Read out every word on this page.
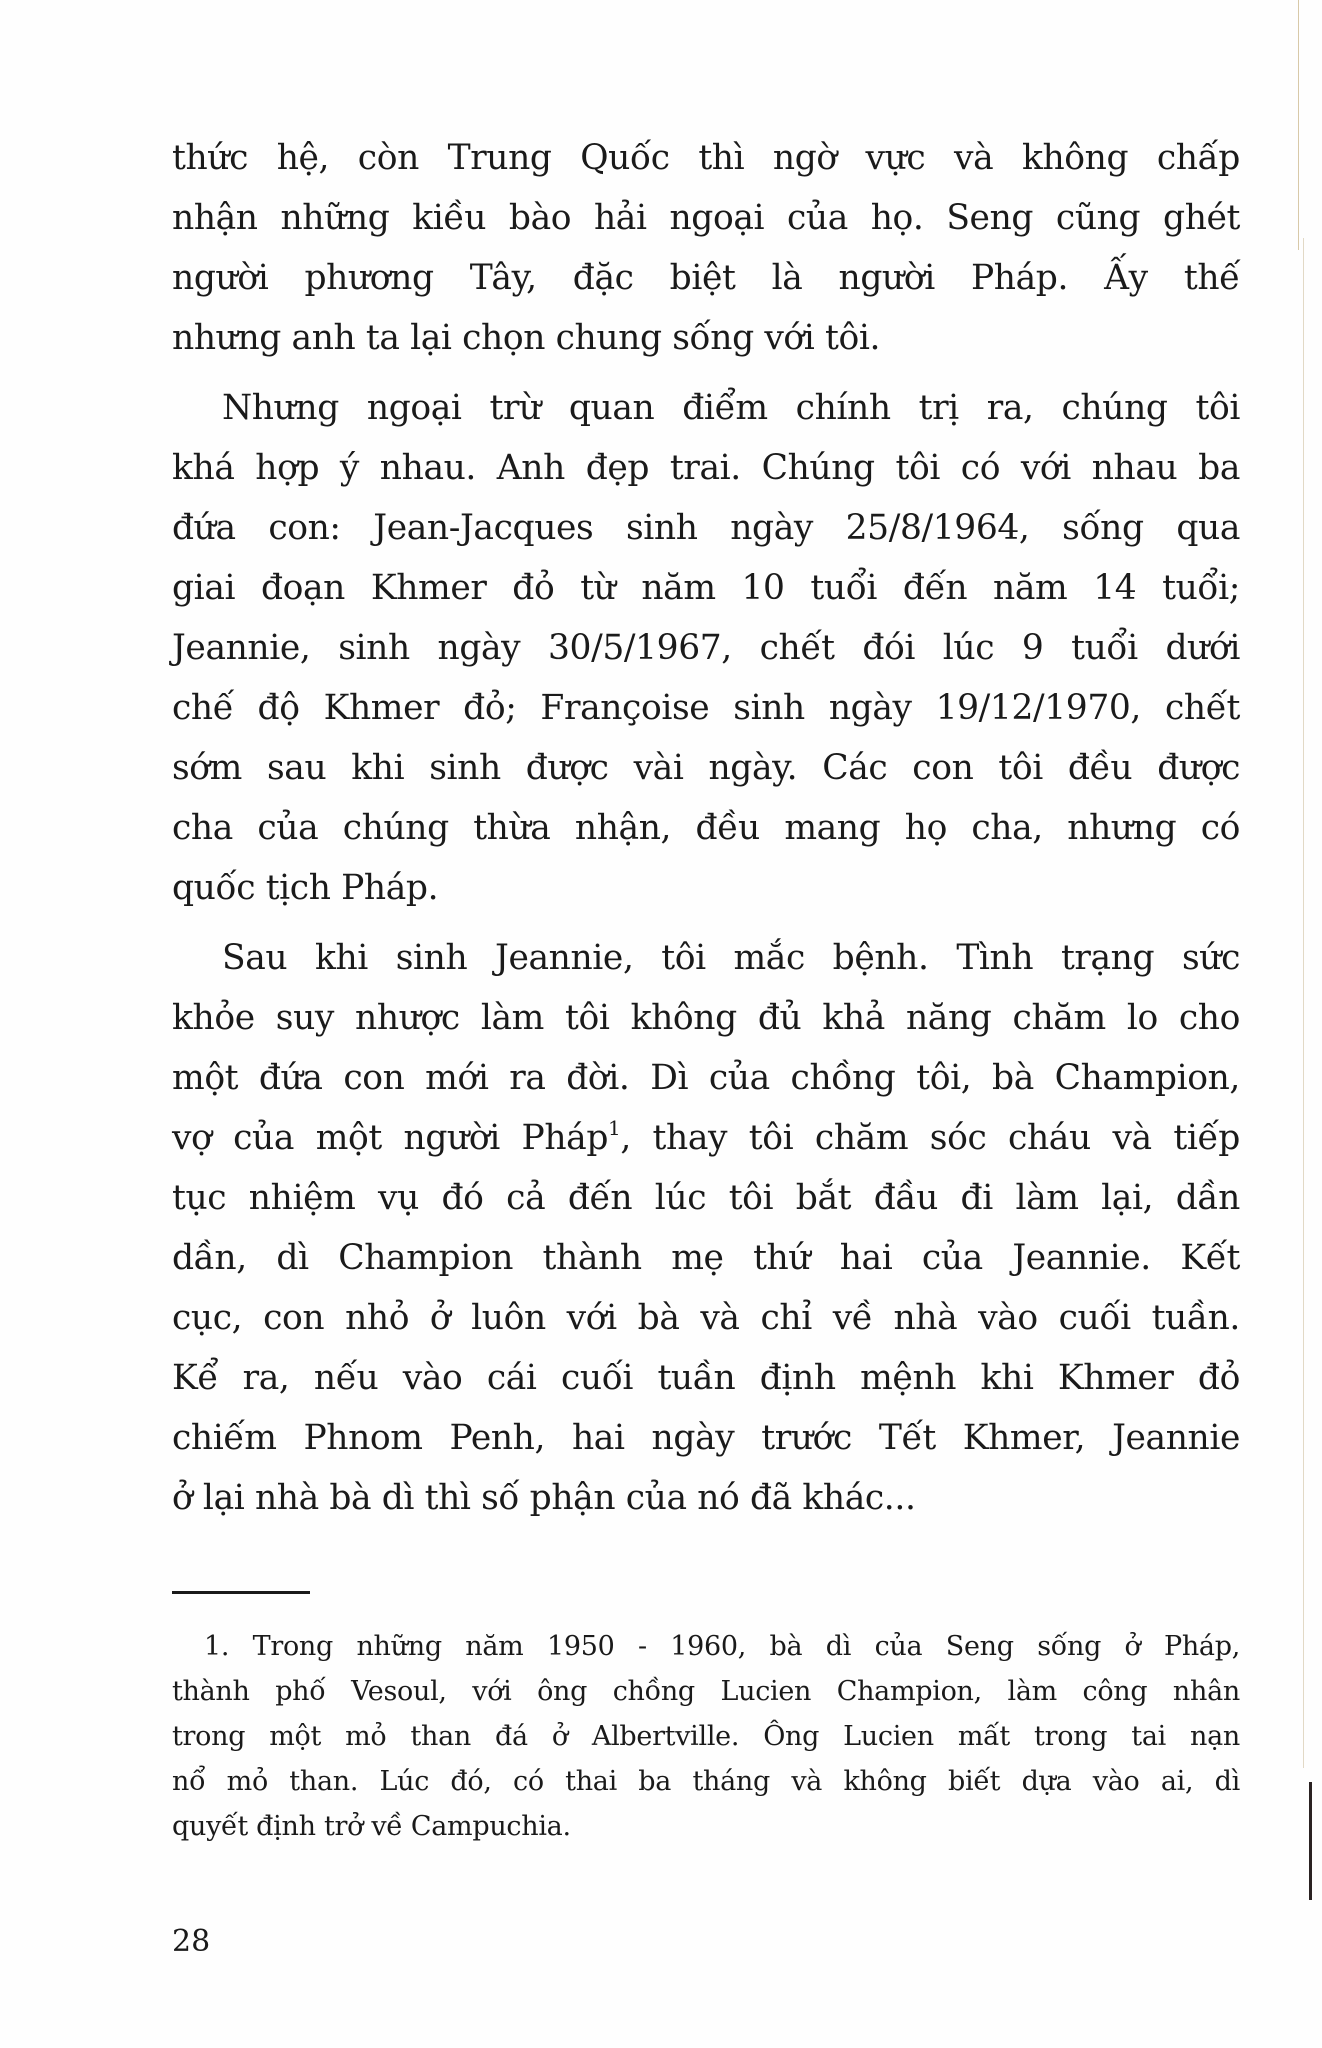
thức hệ, còn Trung Quốc thì ngờ vực và không chấp
nhận những kiều bào hải ngoại của họ. Seng cũng ghét
người phương Tây, đặc biệt là người Pháp. Ấy thế
nhưng anh ta lại chọn chung sống với tôi.
Nhưng ngoại trừ quan điểm chính trị ra, chúng tôi
khá hợp ý nhau. Anh đẹp trai. Chúng tôi có với nhau ba
đứa con: Jean-Jacques sinh ngày 25/8/1964, sống qua
giai đoạn Khmer đỏ từ năm 10 tuổi đến năm 14 tuổi;
Jeannie, sinh ngày 30/5/1967, chết đói lúc 9 tuổi dưới
chế độ Khmer đỏ; Françoise sinh ngày 19/12/1970, chết
sớm sau khi sinh được vài ngày. Các con tôi đều được
cha của chúng thừa nhận, đều mang họ cha, nhưng có
quốc tịch Pháp.
Sau khi sinh Jeannie, tôi mắc bệnh. Tình trạng sức
khỏe suy nhược làm tôi không đủ khả năng chăm lo cho
một đứa con mới ra đời. Dì của chồng tôi, bà Champion,
vợ của một người Pháp$^1$, thay tôi chăm sóc cháu và tiếp
tục nhiệm vụ đó cả đến lúc tôi bắt đầu đi làm lại, dần
dần, dì Champion thành mẹ thứ hai của Jeannie. Kết
cục, con nhỏ ở luôn với bà và chỉ về nhà vào cuối tuần.
Kể ra, nếu vào cái cuối tuần định mệnh khi Khmer đỏ
chiếm Phnom Penh, hai ngày trước Tết Khmer, Jeannie
ở lại nhà bà dì thì số phận của nó đã khác...
1. Trong những năm 1950 - 1960, bà dì của Seng sống ở Pháp,
thành phố Vesoul, với ông chồng Lucien Champion, làm công nhân
trong một mỏ than đá ở Albertville. Ông Lucien mất trong tai nạn
nổ mỏ than. Lúc đó, có thai ba tháng và không biết dựa vào ai, dì
quyết định trở về Campuchia.
28
